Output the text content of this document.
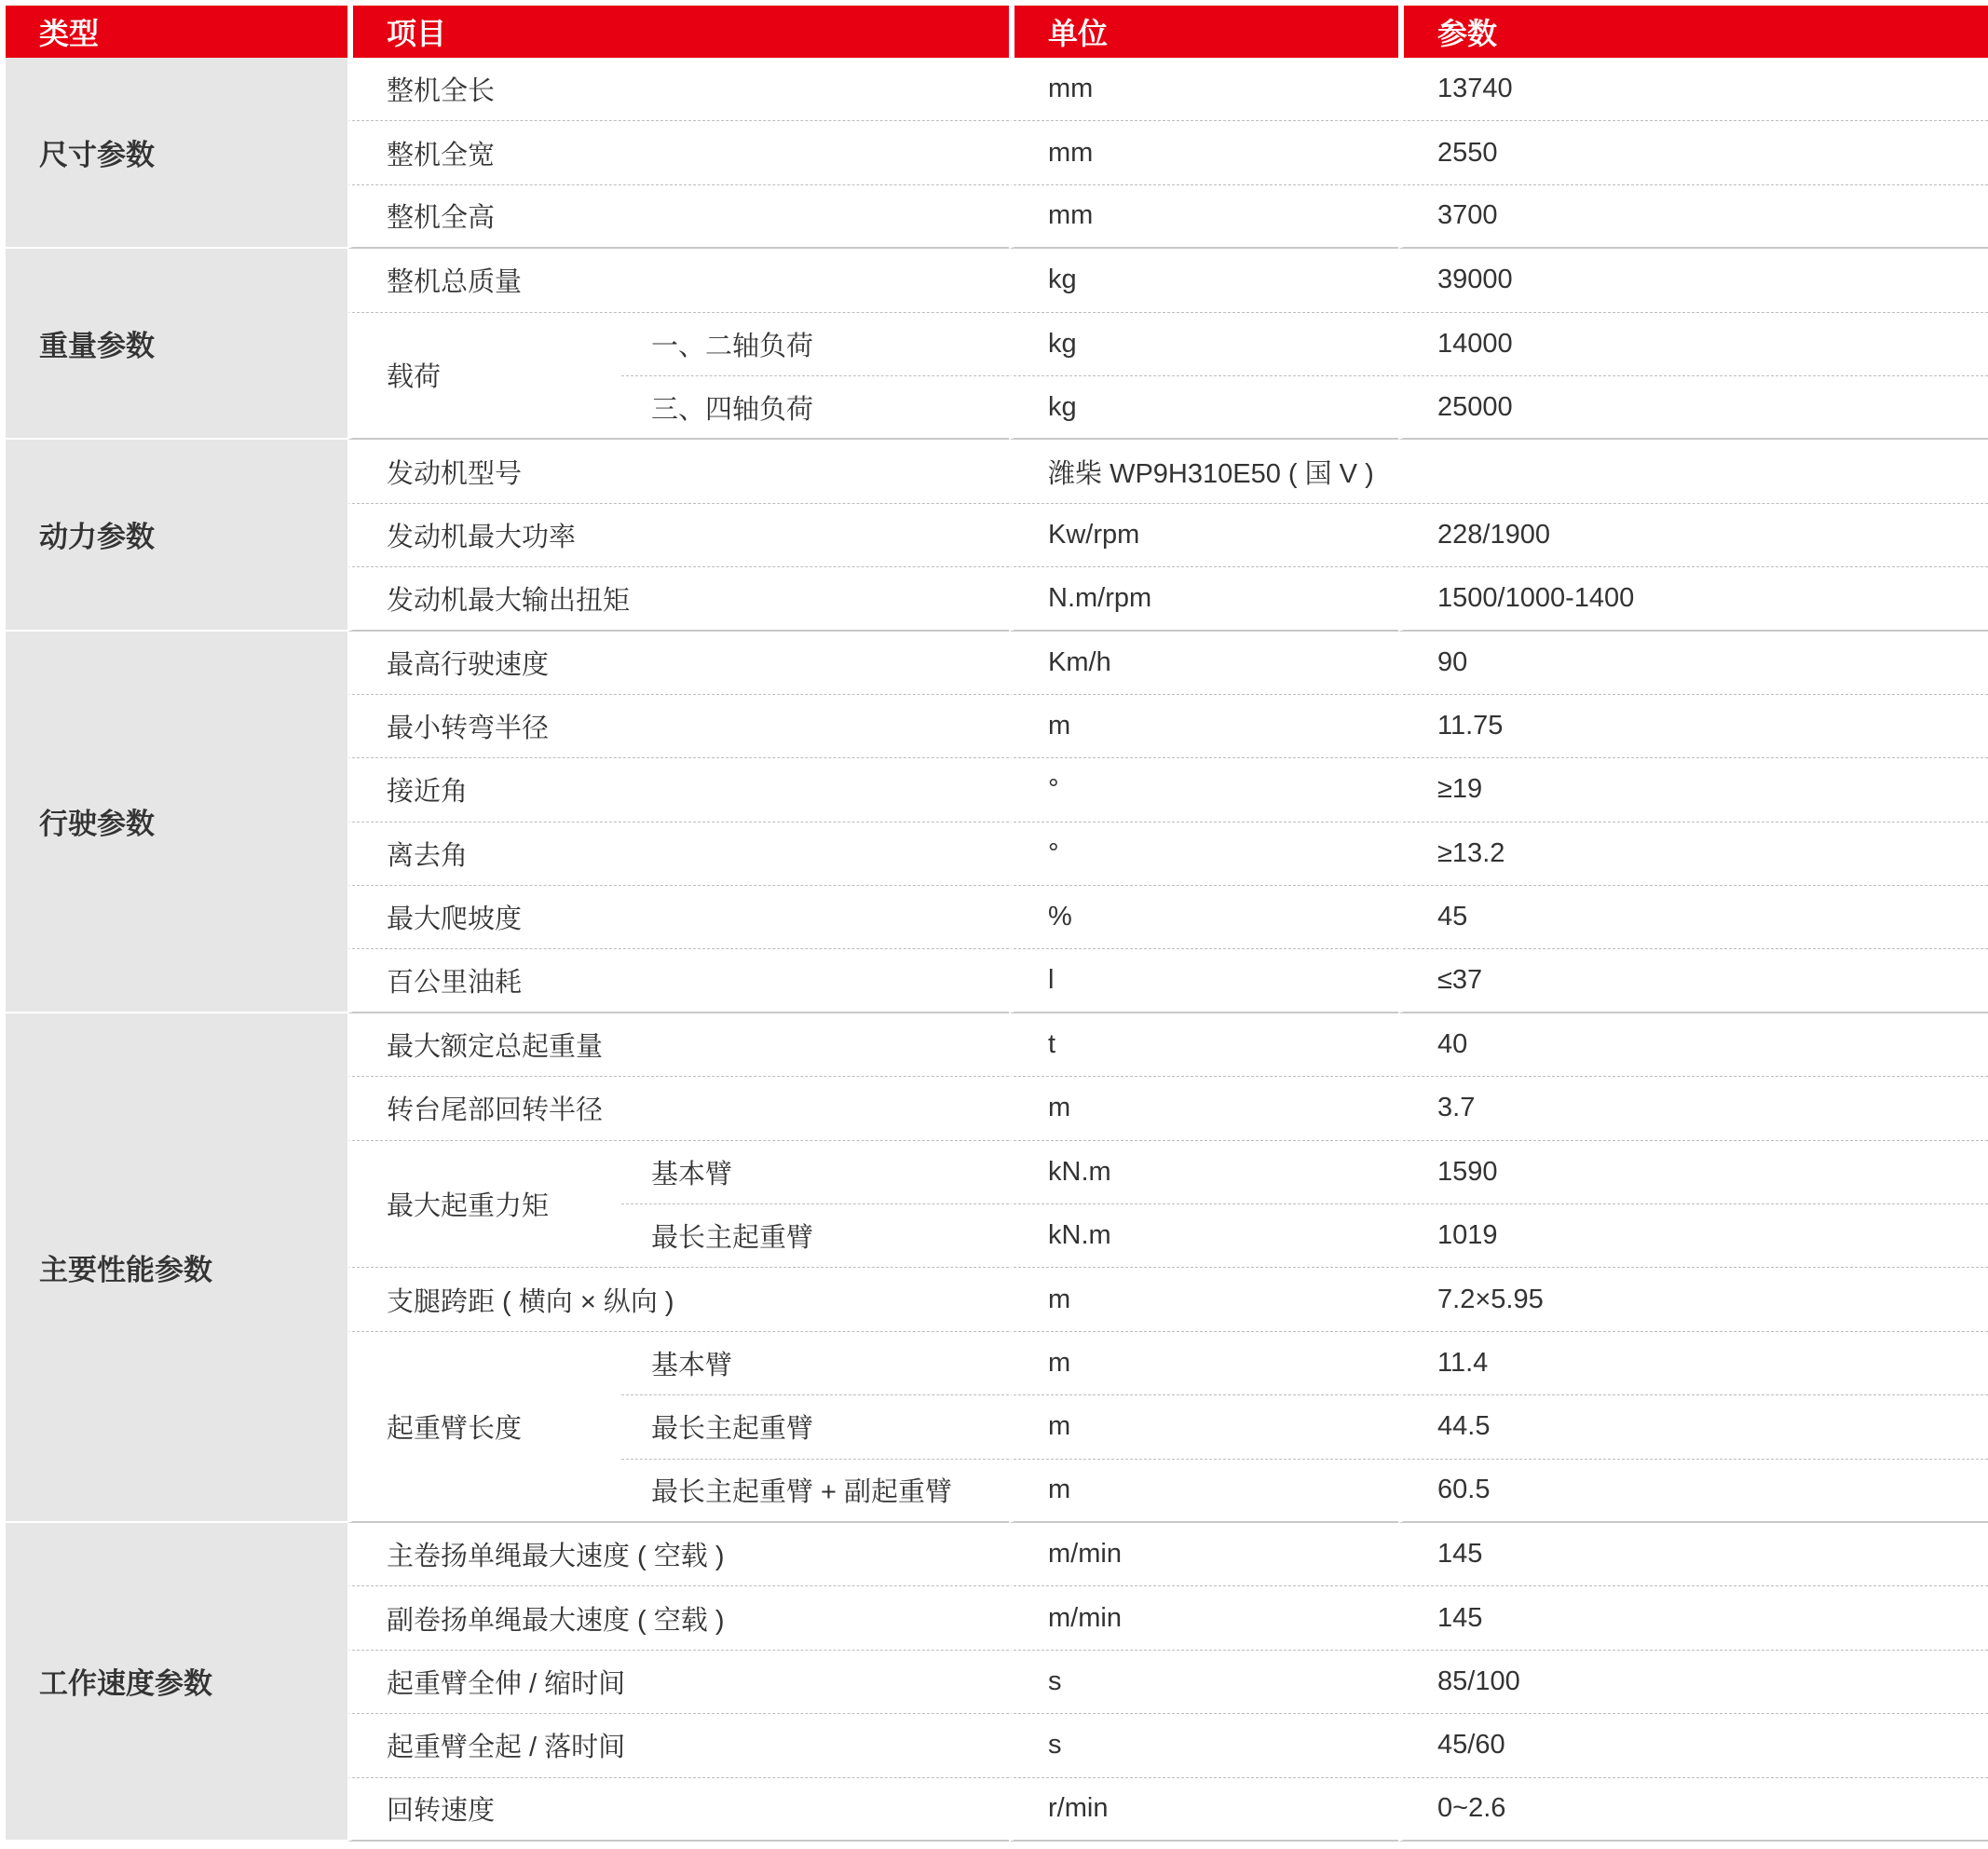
类型	项目		单位	参数
尺寸参数	整机全长		mm	13740
	整机全宽		mm	2550
	整机全高		mm	3700
重量参数	整机总质量		kg	39000
	载荷	一、二轴负荷	kg	14000
		三、四轴负荷	kg	25000
动力参数	发动机型号		潍柴 WP9H310E50 ( 国 V )	
	发动机最大功率		Kw/rpm	228/1900
	发动机最大输出扭矩		N.m/rpm	1500/1000-1400
行驶参数	最高行驶速度		Km/h	90
	最小转弯半径		m	11.75
	接近角		°	≥19
	离去角		°	≥13.2
	最大爬坡度		%	45
	百公里油耗		l	≤37
主要性能参数	最大额定总起重量		t	40
	转台尾部回转半径		m	3.7
	最大起重力矩	基本臂	kN.m	1590
		最长主起重臂	kN.m	1019
	支腿跨距 ( 横向 × 纵向 )		m	7.2×5.95
	起重臂长度	基本臂	m	11.4
		最长主起重臂	m	44.5
		最长主起重臂 + 副起重臂	m	60.5
工作速度参数	主卷扬单绳最大速度 ( 空载 )		m/min	145
	副卷扬单绳最大速度 ( 空载 )		m/min	145
	起重臂全伸 / 缩时间		s	85/100
	起重臂全起 / 落时间		s	45/60
	回转速度		r/min	0~2.6
